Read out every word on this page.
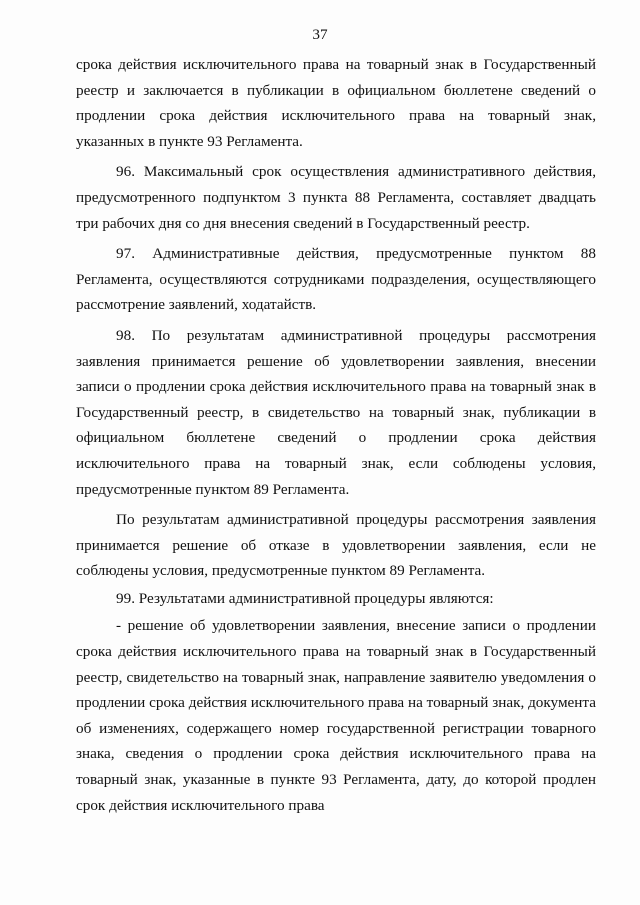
37

срока действия исключительного права на товарный знак в Государственный реестр и заключается в публикации в официальном бюллетене сведений о продлении срока действия исключительного права на товарный знак, указанных в пункте 93 Регламента.

96. Максимальный срок осуществления административного действия, предусмотренного подпунктом 3 пункта 88 Регламента, составляет двадцать три рабочих дня со дня внесения сведений в Государственный реестр.

97. Административные действия, предусмотренные пунктом 88 Регламента, осуществляются сотрудниками подразделения, осуществляющего рассмотрение заявлений, ходатайств.

98. По результатам административной процедуры рассмотрения заявления принимается решение об удовлетворении заявления, внесении записи о продлении срока действия исключительного права на товарный знак в Государственный реестр, в свидетельство на товарный знак, публикации в официальном бюллетене сведений о продлении срока действия исключительного права на товарный знак, если соблюдены условия, предусмотренные пунктом 89 Регламента.

По результатам административной процедуры рассмотрения заявления принимается решение об отказе в удовлетворении заявления, если не соблюдены условия, предусмотренные пунктом 89 Регламента.

99. Результатами административной процедуры являются:

- решение об удовлетворении заявления, внесение записи о продлении срока действия исключительного права на товарный знак в Государственный реестр, свидетельство на товарный знак, направление заявителю уведомления о продлении срока действия исключительного права на товарный знак, документа об изменениях, содержащего номер государственной регистрации товарного знака, сведения о продлении срока действия исключительного права на товарный знак, указанные в пункте 93 Регламента, дату, до которой продлен срок действия исключительного права
